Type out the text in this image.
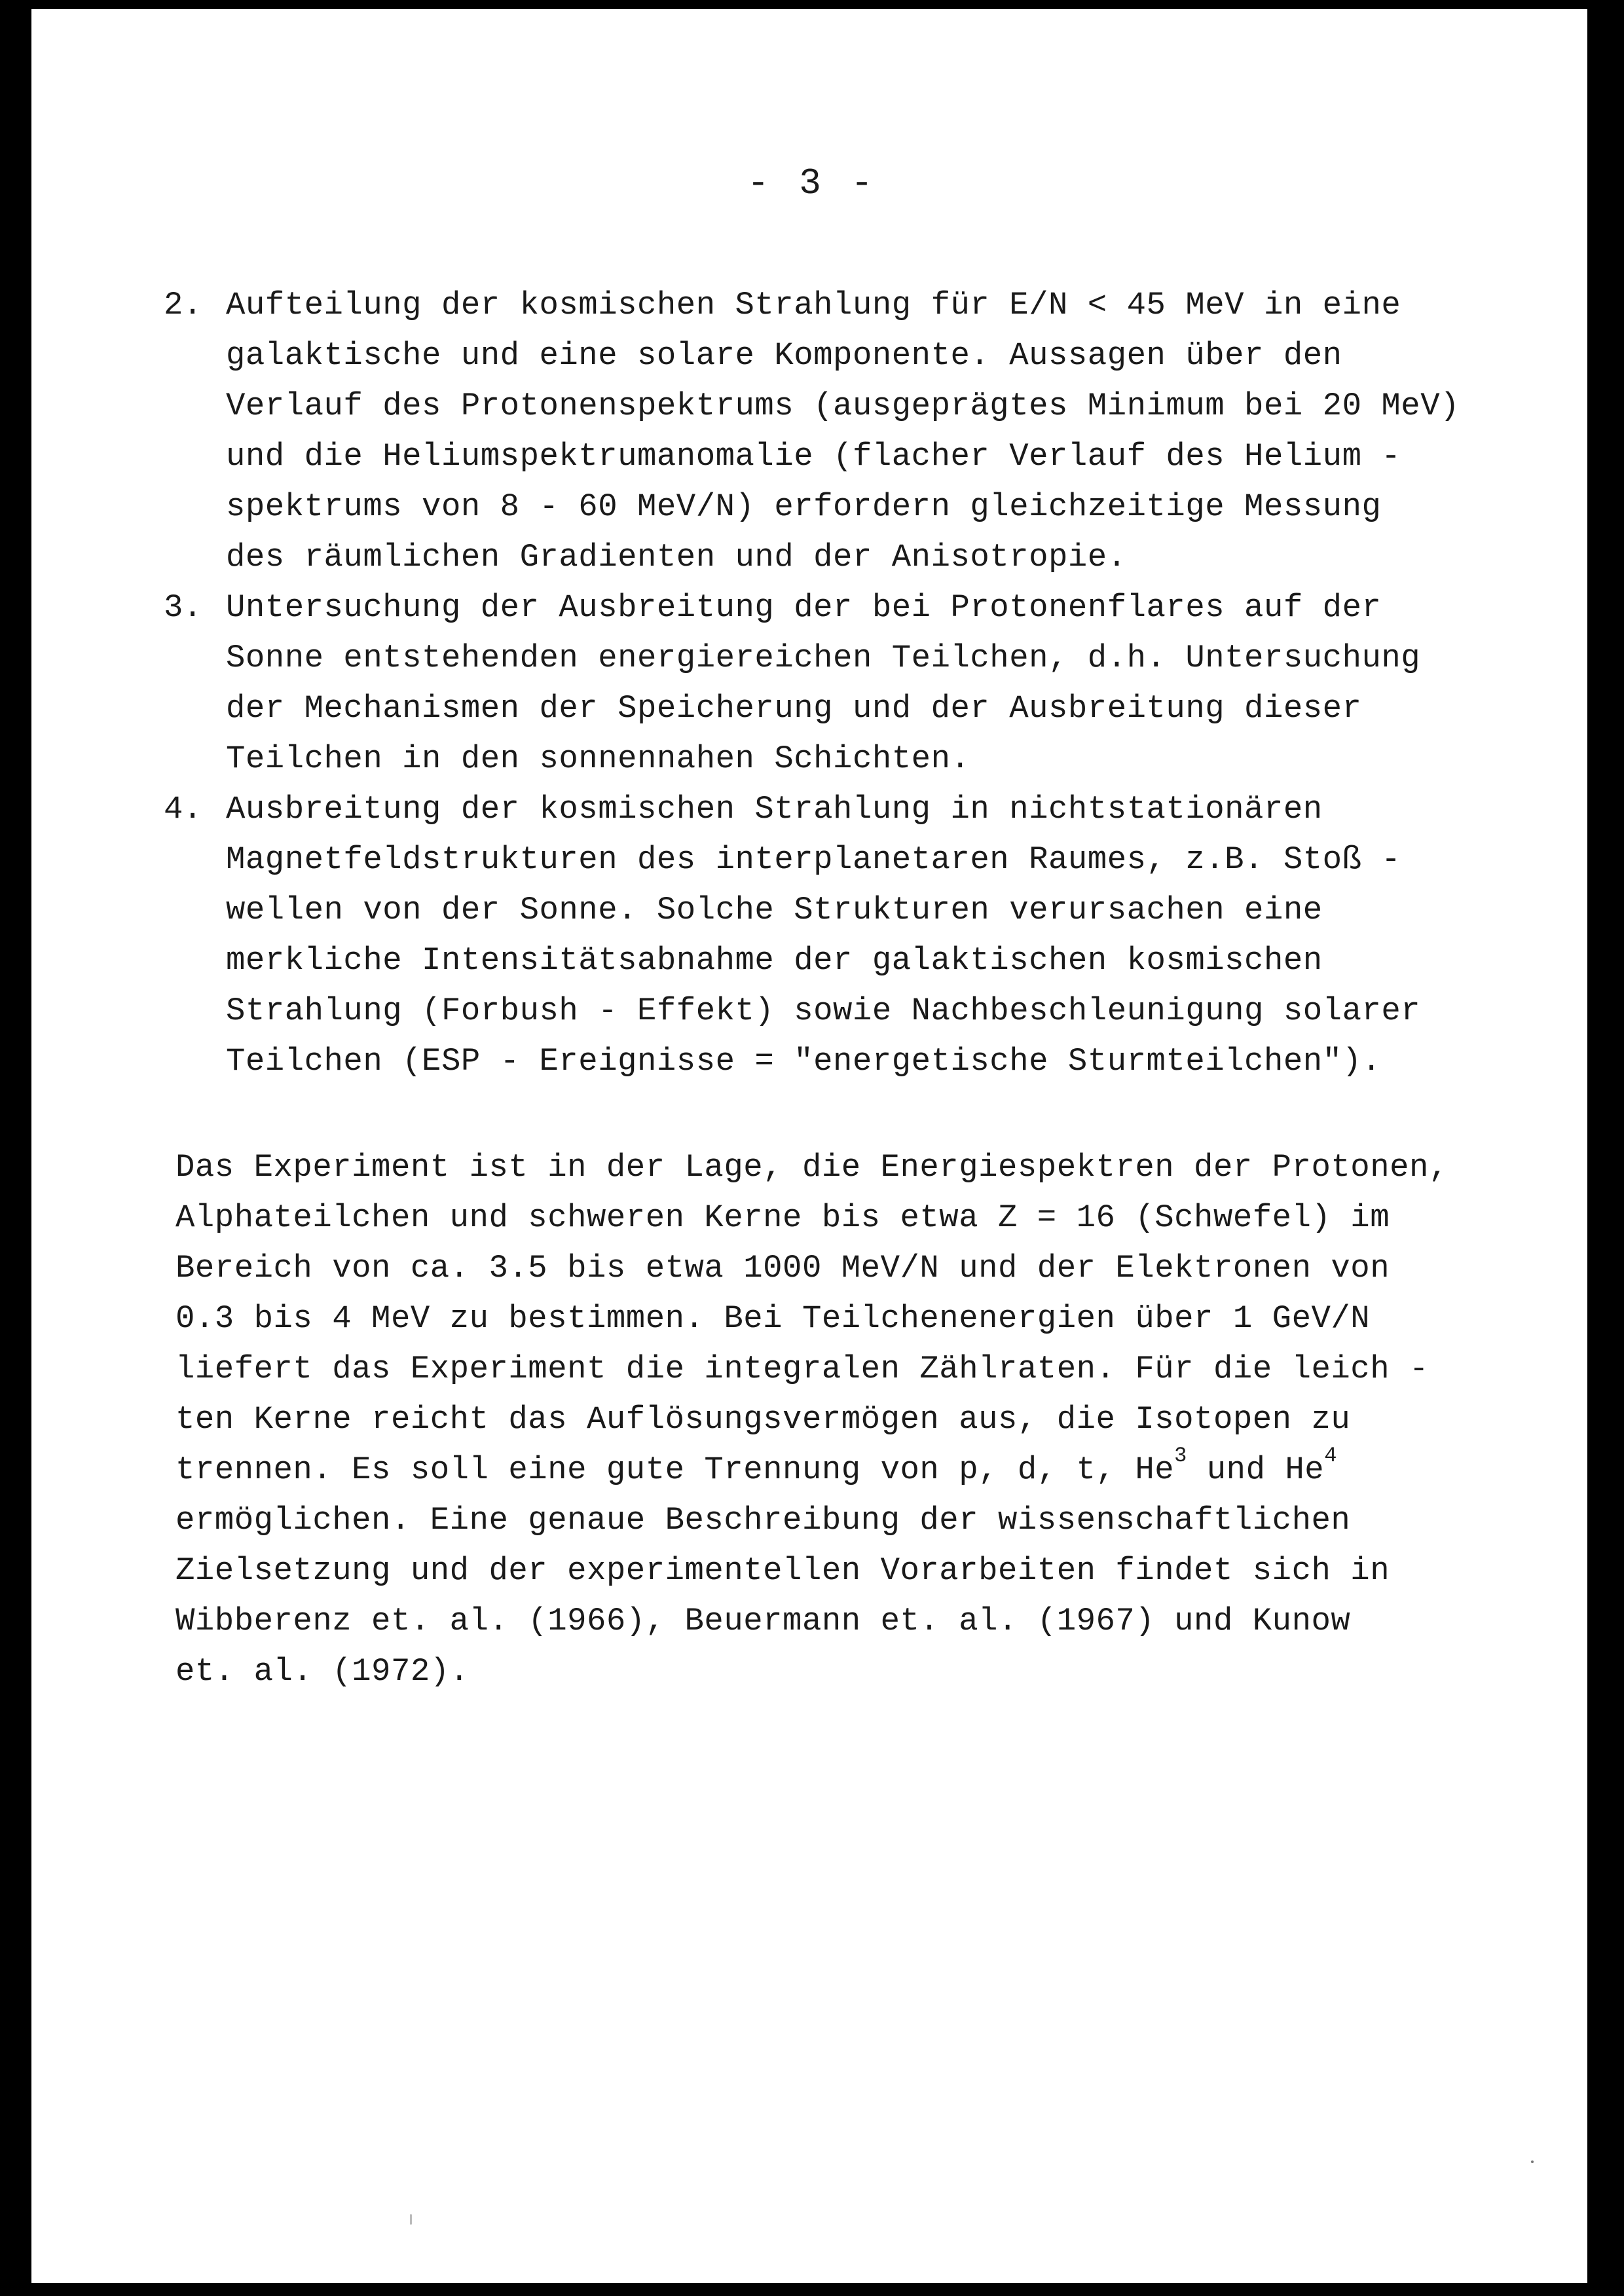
- 3 -
2. Aufteilung der kosmischen Strahlung für E/N < 45 MeV in eine
galaktische und eine solare Komponente. Aussagen über den
Verlauf des Protonenspektrums (ausgeprägtes Minimum bei 20 MeV)
und die Heliumspektrumanomalie (flacher Verlauf des Helium -
spektrums von 8 - 60 MeV/N) erfordern gleichzeitige Messung
des räumlichen Gradienten und der Anisotropie.
3. Untersuchung der Ausbreitung der bei Protonenflares auf der
Sonne entstehenden energiereichen Teilchen, d.h. Untersuchung
der Mechanismen der Speicherung und der Ausbreitung dieser
Teilchen in den sonnennahen Schichten.
4. Ausbreitung der kosmischen Strahlung in nichtstationären
Magnetfeldstrukturen des interplanetaren Raumes, z.B. Stoß -
wellen von der Sonne. Solche Strukturen verursachen eine
merkliche Intensitätsabnahme der galaktischen kosmischen
Strahlung (Forbush - Effekt) sowie Nachbeschleunigung solarer
Teilchen (ESP - Ereignisse = "energetische Sturmteilchen").
Das Experiment ist in der Lage, die Energiespektren der Protonen,
Alphateilchen und schweren Kerne bis etwa Z = 16 (Schwefel) im
Bereich von ca. 3.5 bis etwa 1000 MeV/N und der Elektronen von
0.3 bis 4 MeV zu bestimmen. Bei Teilchenenergien über 1 GeV/N
liefert das Experiment die integralen Zählraten. Für die leich -
ten Kerne reicht das Auflösungsvermögen aus, die Isotopen zu
trennen. Es soll eine gute Trennung von p, d, t, He$^3$ und He$^4$
ermöglichen. Eine genaue Beschreibung der wissenschaftlichen
Zielsetzung und der experimentellen Vorarbeiten findet sich in
Wibberenz et. al. (1966), Beuermann et. al. (1967) und Kunow
et. al. (1972).
